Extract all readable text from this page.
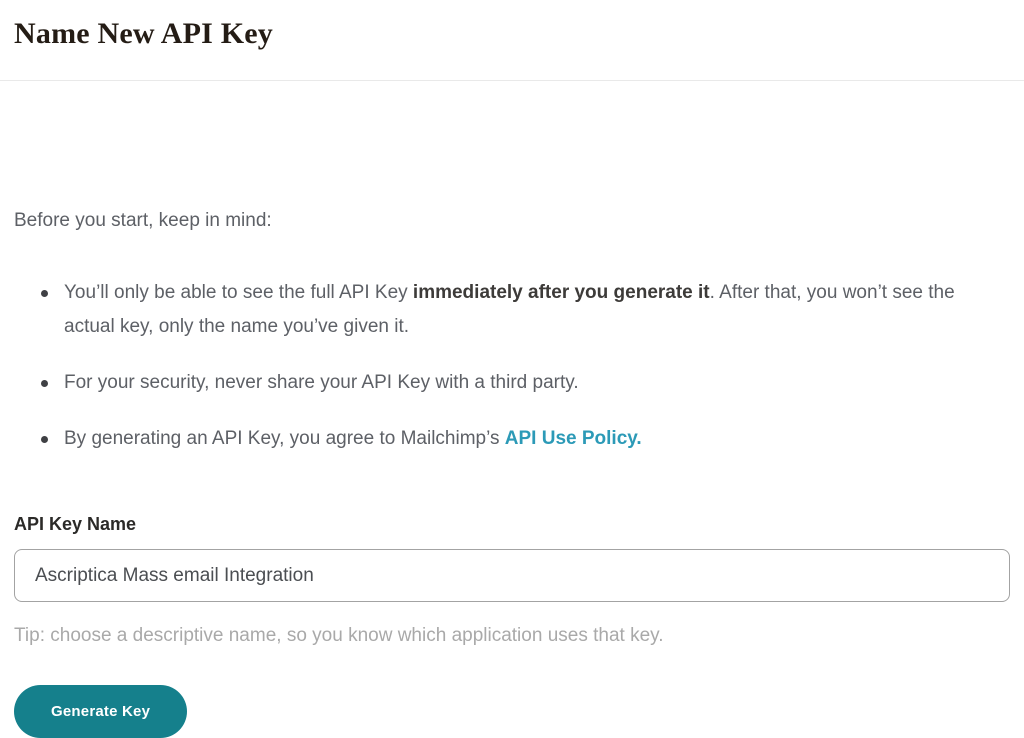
Name New API Key

Before you start, keep in mind:

You’ll only be able to see the full API Key immediately after you generate it. After that, you won’t see the actual key, only the name you’ve given it.
For your security, never share your API Key with a third party.
By generating an API Key, you agree to Mailchimp’s API Use Policy.
API Key Name
Ascriptica Mass email Integration

Tip: choose a descriptive name, so you know which application uses that key.

Generate Key
